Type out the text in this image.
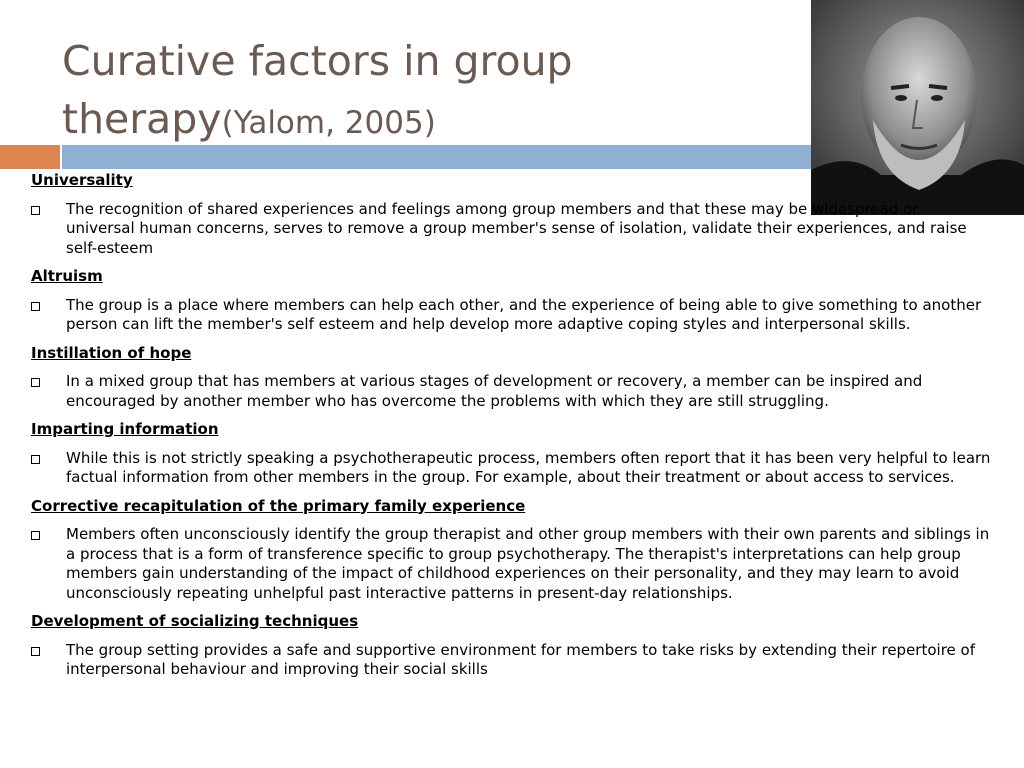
Curative factors in group therapy(Yalom, 2005)

Universality

The recognition of shared experiences and feelings among group members and that these may be widespread or universal human concerns, serves to remove a group member's sense of isolation, validate their experiences, and raise self-esteem

Altruism

The group is a place where members can help each other, and the experience of being able to give something to another person can lift the member's self esteem and help develop more adaptive coping styles and interpersonal skills.

Instillation of hope

In a mixed group that has members at various stages of development or recovery, a member can be inspired and encouraged by another member who has overcome the problems with which they are still struggling.

Imparting information

While this is not strictly speaking a psychotherapeutic process, members often report that it has been very helpful to learn factual information from other members in the group. For example, about their treatment or about access to services.

Corrective recapitulation of the primary family experience

Members often unconsciously identify the group therapist and other group members with their own parents and siblings in a process that is a form of transference specific to group psychotherapy. The therapist's interpretations can help group members gain understanding of the impact of childhood experiences on their personality, and they may learn to avoid unconsciously repeating unhelpful past interactive patterns in present-day relationships.

Development of socializing techniques

The group setting provides a safe and supportive environment for members to take risks by extending their repertoire of interpersonal behaviour and improving their social skills
